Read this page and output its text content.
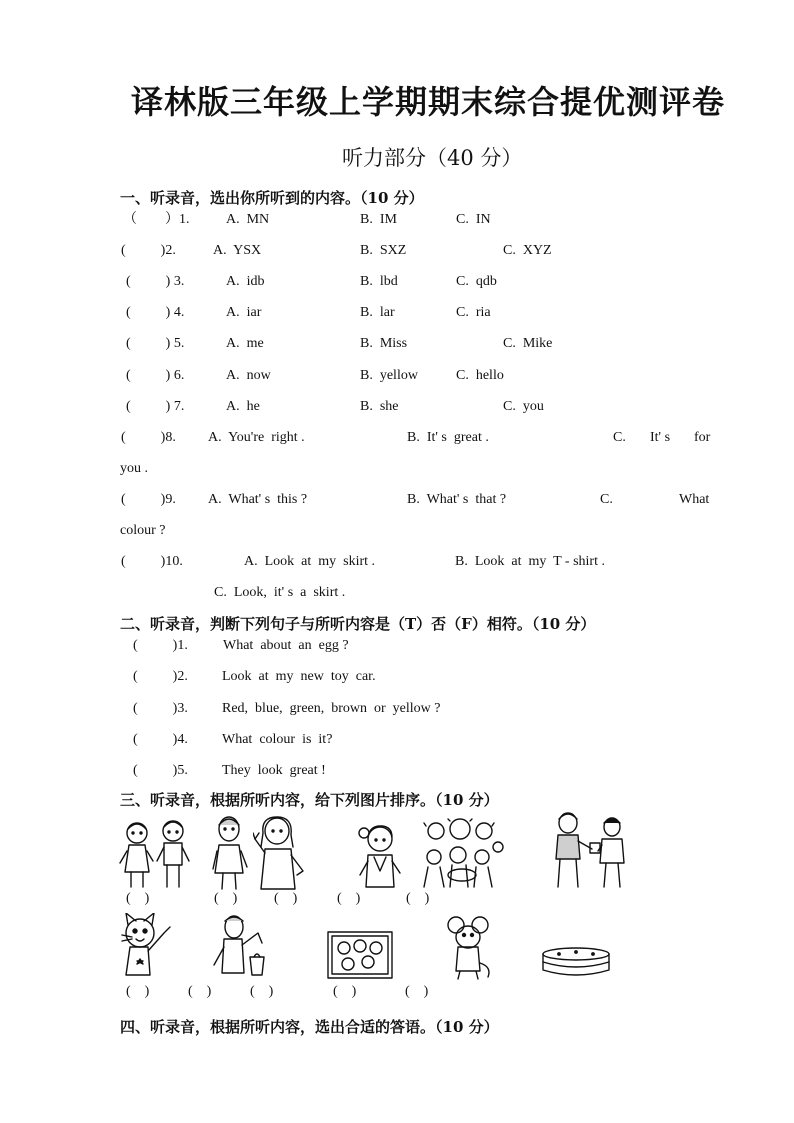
译林版三年级上学期期末综合提优测评卷
听力部分（40 分）
一、听录音，选出你所听到的内容。（10 分）
（        ）1.	A.  MN	B.  IM	C.  IN
(          )2.	A.  YSX	B.  SXZ	C.  XYZ
(          ) 3.	A.  idb	B.  lbd	C.  qdb
(          ) 4.	A.  iar	B.  lar	C.  ria
(          ) 5.	A.  me	B.  Miss	C.  Mike
(          ) 6.	A.  now	B.  yellow	C.  hello
(          ) 7.	A.  he	B.  she	C.  you
(          )8. A.  You're  right .	B.  It' s  great .	C. It' s for
you .
(          )9. A.  What' s  this ?	B.  What' s  that ?	C.	What
colour ?
(          )10.	A.  Look  at  my  skirt .	B.  Look  at  my  T - shirt .
C.  Look,  it' s  a  skirt .
二、听录音，判断下列句子与所听内容是（T）否（F）相符。（10 分）
(          )1.	What  about  an  egg ?
(          )2. Look  at  my  new  toy  car.
(          )3. Red,  blue,  green,  brown  or  yellow ?
(          )4. What  colour  is  it?
(          )5. They  look  great !
三、听录音，根据所听内容，给下列图片排序。（10 分）
(    )	(    )	(    )	(    )	(    )
(    )	(    )	(    )	(    )	(    )
四、听录音，根据所听内容，选出合适的答语。（10 分）
